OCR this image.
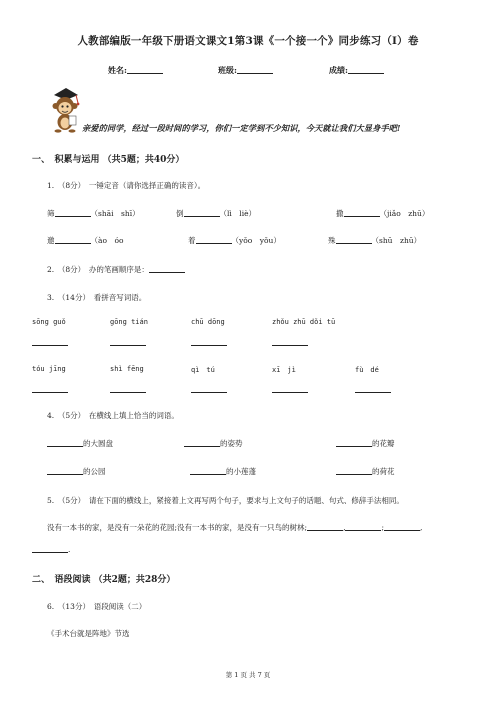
人教部编版一年级下册语文课文1第3课《一个接一个》同步练习（I）卷
姓名:	班级:	成绩:
亲爱的同学，经过一段时间的学习，你们一定学到不少知识，今天就让我们大显身手吧!
一、　积累与运用 （共5题；共40分）
1.　（8分）　一锤定音（请你选择正确的读音）。
筛	（shāi　shī）	倒	（lì　liè）	撒	（jiǎo　zhū）
邀	（ào　óo	着	（yǒo　yǒu）	殊	（shū　zhū）
2.　（8分）　办的笔画顺序是：
3.　（14分）　看拼音写词语。
sōng guǒ	gōng tián	chū dōng	zhǒu zhū dǒi tū
tóu jīng	shì fēng	qì　tú	xī　jì	fù　dé
4.　（5分）　在横线上填上恰当的词语。
的大圆盘	的姿势	的花瓣
的公园	的小莲蓬	的荷花
5.　（5分）　请在下面的横线上，紧接着上文再写两个句子，要求与上文句子的话题、句式、修辞手法相同。
没有一本书的家，是没有一朵花的花园;没有一本书的家，是没有一只鸟的树林;	,	;	,
.
二、　语段阅读 （共2题；共28分）
6.　（13分）　语段阅读（二）
《手术台就是阵地》节选
第 1 页 共 7 页
